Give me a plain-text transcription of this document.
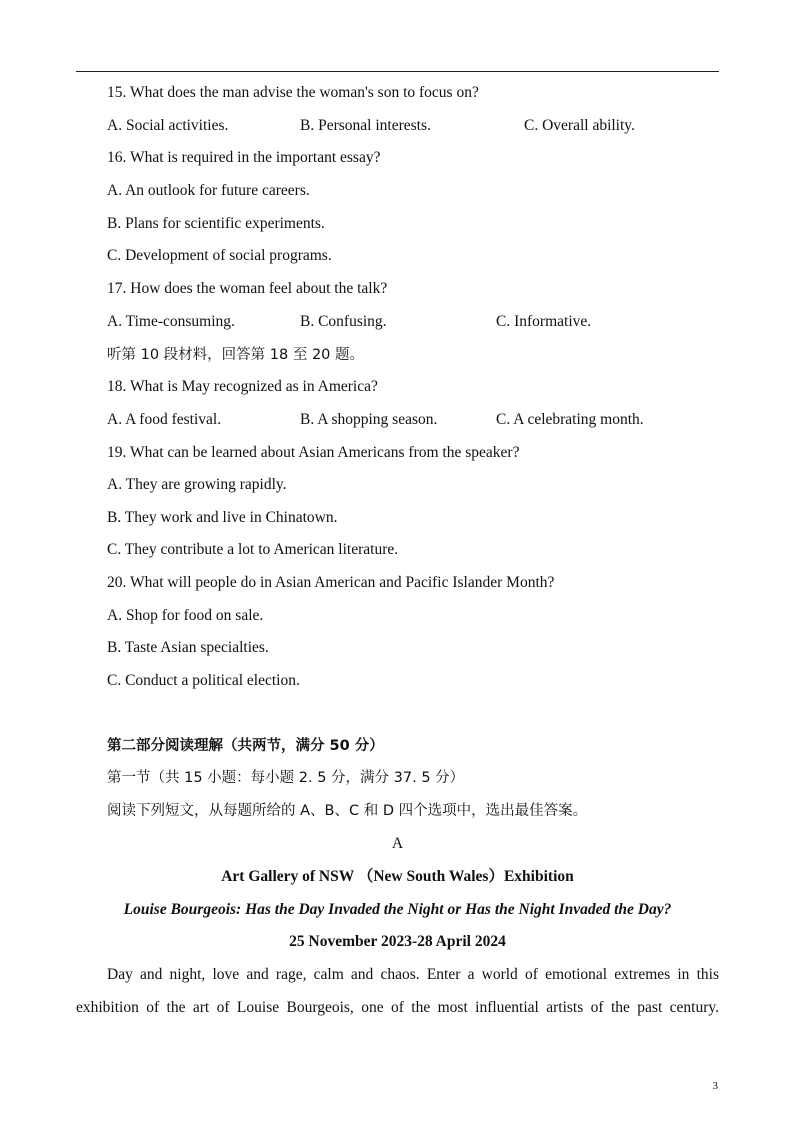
15. What does the man advise the woman's son to focus on?
A. Social activities.	B. Personal interests.	C. Overall ability.
16. What is required in the important essay?
A. An outlook for future careers.
B. Plans for scientific experiments.
C. Development of social programs.
17. How does the woman feel about the talk?
A. Time-consuming.	B. Confusing.	C. Informative.
听第 10 段材料，回答第 18 至 20 题。
18. What is May recognized as in America?
A. A food festival.	B. A shopping season.	C. A celebrating month.
19. What can be learned about Asian Americans from the speaker?
A. They are growing rapidly.
B. They work and live in Chinatown.
C. They contribute a lot to American literature.
20. What will people do in Asian American and Pacific Islander Month?
A. Shop for food on sale.
B. Taste Asian specialties.
C. Conduct a political election.
第二部分阅读理解（共两节，满分 50 分）
第一节（共 15 小题：每小题 2. 5 分，满分 37. 5 分）
阅读下列短文，从每题所给的 A、B、C 和 D 四个选项中，选出最佳答案。
A
Art Gallery of NSW （New South Wales）Exhibition
Louise Bourgeois: Has the Day Invaded the Night or Has the Night Invaded the Day?
25 November 2023-28 April 2024
Day and night, love and rage, calm and chaos. Enter a world of emotional extremes in this
exhibition of the art of Louise Bourgeois, one of the most influential artists of the past century.
3
